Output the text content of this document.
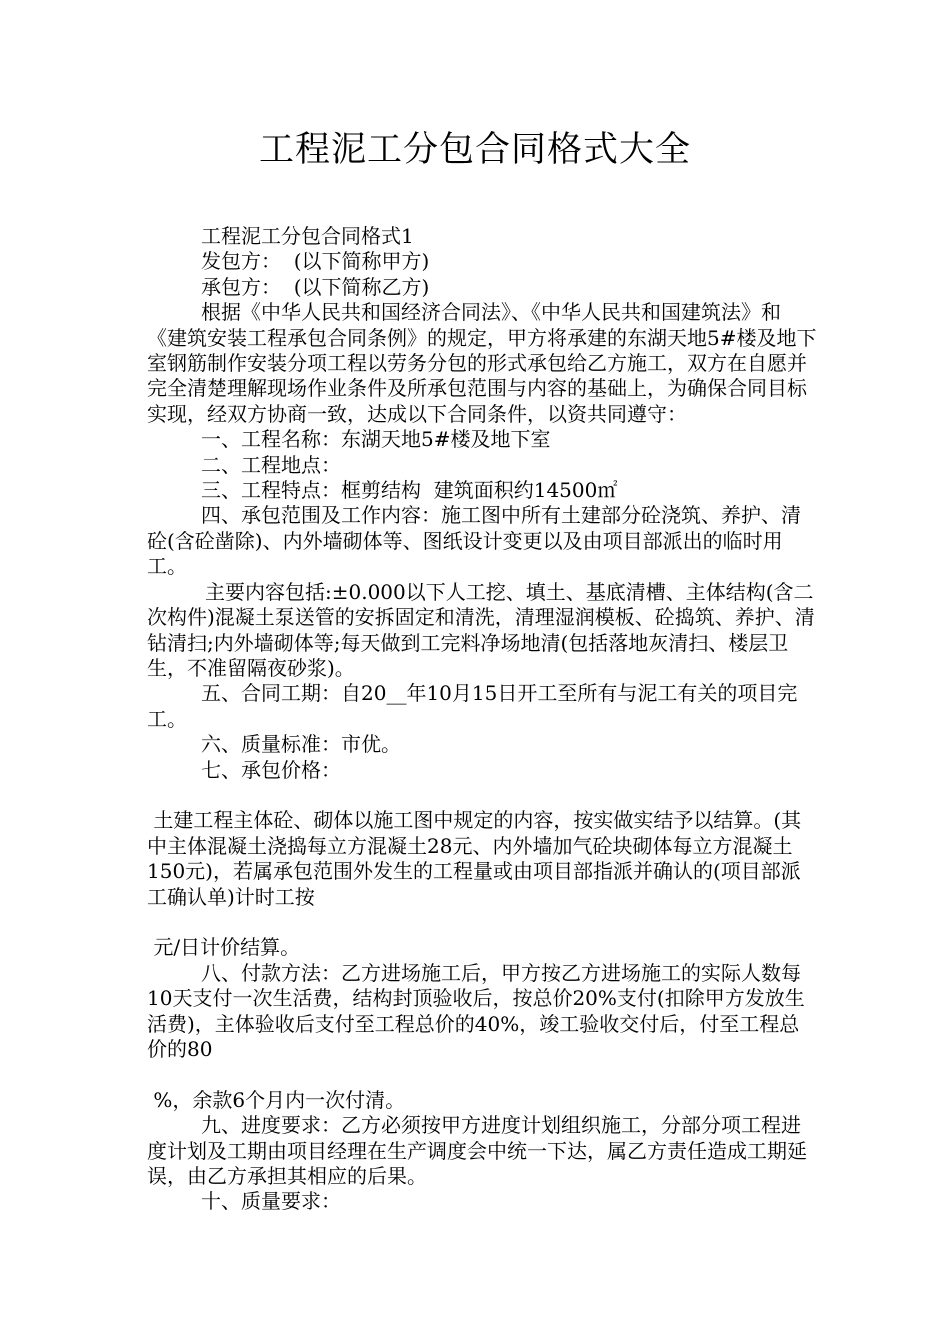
工程泥工分包合同格式大全

工程泥工分包合同格式1

发包方：  (以下简称甲方)

承包方：  (以下简称乙方)

根据《中华人民共和国经济合同法》、《中华人民共和国建筑法》和《建筑安装工程承包合同条例》的规定，甲方将承建的东湖天地5#楼及地下室钢筋制作安装分项工程以劳务分包的形式承包给乙方施工，双方在自愿并完全清楚理解现场作业条件及所承包范围与内容的基础上，为确保合同目标实现，经双方协商一致，达成以下合同条件，以资共同遵守：

一、工程名称：东湖天地5#楼及地下室

二、工程地点：

三、工程特点：框剪结构  建筑面积约14500㎡

四、承包范围及工作内容：施工图中所有土建部分砼浇筑、养护、清砼(含砼凿除)、内外墙砌体等、图纸设计变更以及由项目部派出的临时用工。

主要内容包括:±0.000以下人工挖、填土、基底清槽、主体结构(含二次构件)混凝土泵送管的安拆固定和清洗，清理湿润模板、砼捣筑、养护、清钻清扫;内外墙砌体等;每天做到工完料净场地清(包括落地灰清扫、楼层卫生，不准留隔夜砂浆)。

五、合同工期：自20__年10月15日开工至所有与泥工有关的项目完工。

六、质量标准：市优。

七、承包价格：

土建工程主体砼、砌体以施工图中规定的内容，按实做实结予以结算。(其中主体混凝土浇捣每立方混凝土28元、内外墙加气砼块砌体每立方混凝土150元)，若属承包范围外发生的工程量或由项目部指派并确认的(项目部派工确认单)计时工按

元/日计价结算。

八、付款方法：乙方进场施工后，甲方按乙方进场施工的实际人数每10天支付一次生活费，结构封顶验收后，按总价20%支付(扣除甲方发放生活费)，主体验收后支付至工程总价的40%，竣工验收交付后，付至工程总价的80

%，余款6个月内一次付清。

九、进度要求：乙方必须按甲方进度计划组织施工，分部分项工程进度计划及工期由项目经理在生产调度会中统一下达，属乙方责任造成工期延误，由乙方承担其相应的后果。

十、质量要求：
